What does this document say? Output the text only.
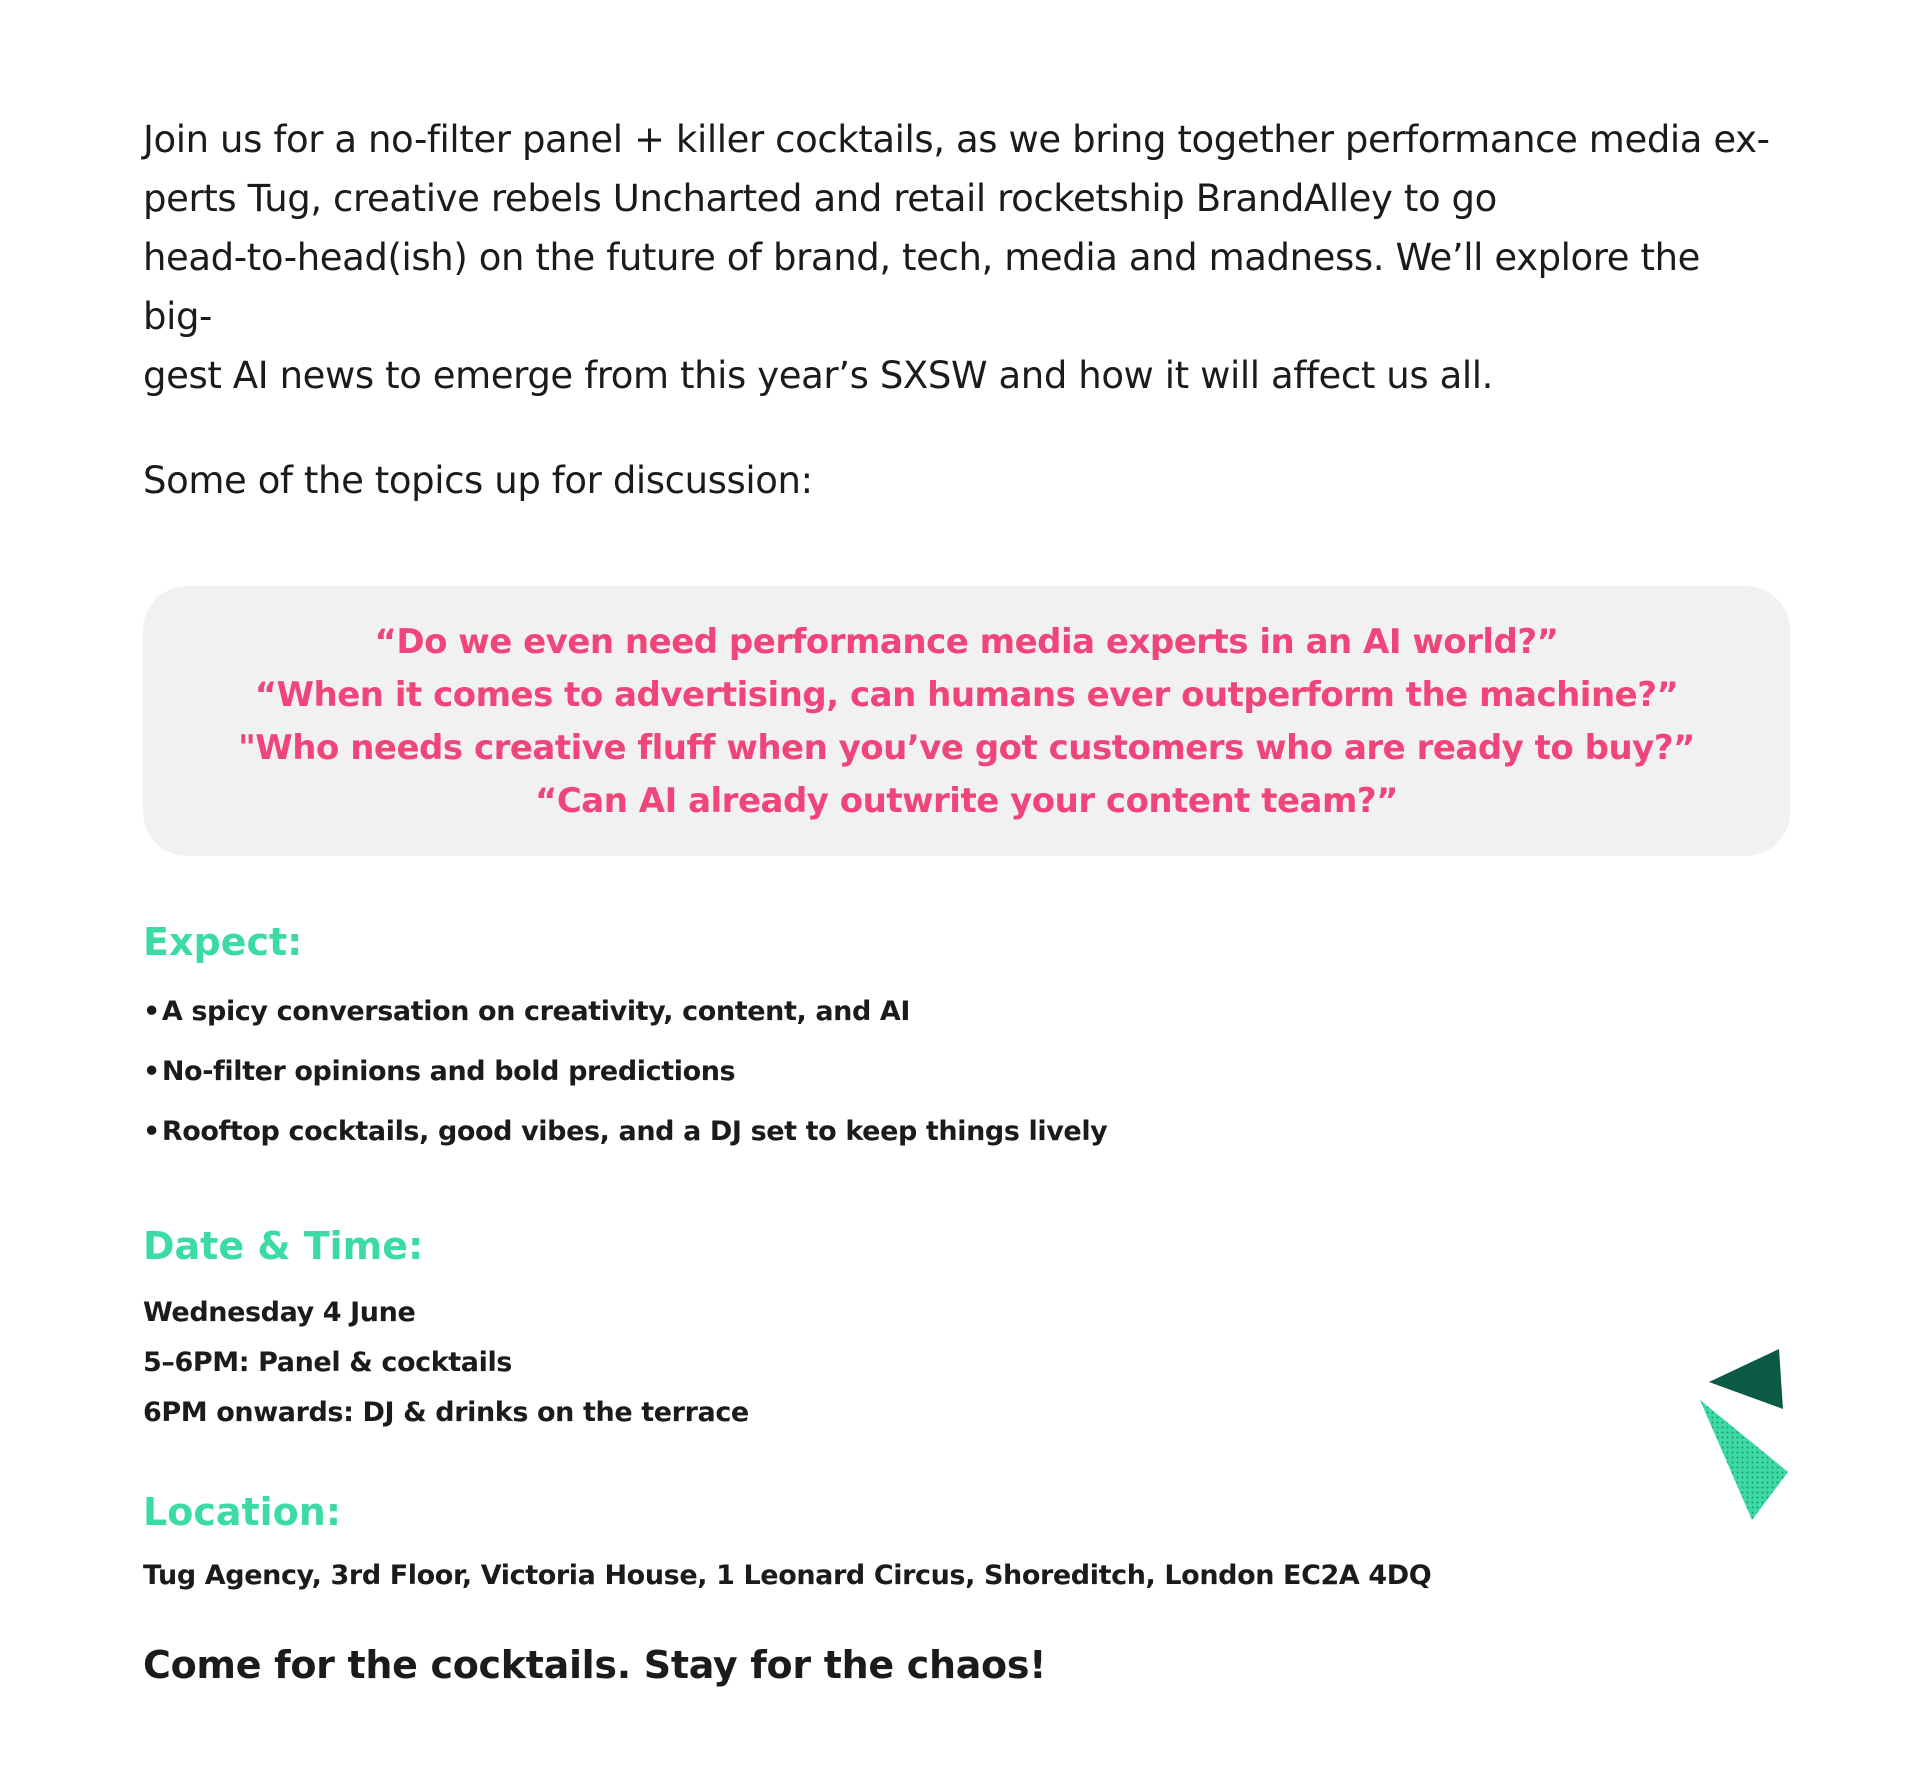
Join us for a no-filter panel + killer cocktails, as we bring together performance media ex-
perts Tug, creative rebels Uncharted and retail rocketship BrandAlley to go
head-to-head(ish) on the future of brand, tech, media and madness. We’ll explore the big-
gest AI news to emerge from this year’s SXSW and how it will affect us all.

Some of the topics up for discussion:

“Do we even need performance media experts in an AI world?”
“When it comes to advertising, can humans ever outperform the machine?”
"Who needs creative fluff when you’ve got customers who are ready to buy?”
“Can AI already outwrite your content team?”
Expect:
•A spicy conversation on creativity, content, and AI
•No-filter opinions and bold predictions
•Rooftop cocktails, good vibes, and a DJ set to keep things lively
Date & Time:
Wednesday 4 June
5–6PM: Panel & cocktails
6PM onwards: DJ & drinks on the terrace
Location:
Tug Agency, 3rd Floor, Victoria House, 1 Leonard Circus, Shoreditch, London EC2A 4DQ
Come for the cocktails. Stay for the chaos!
